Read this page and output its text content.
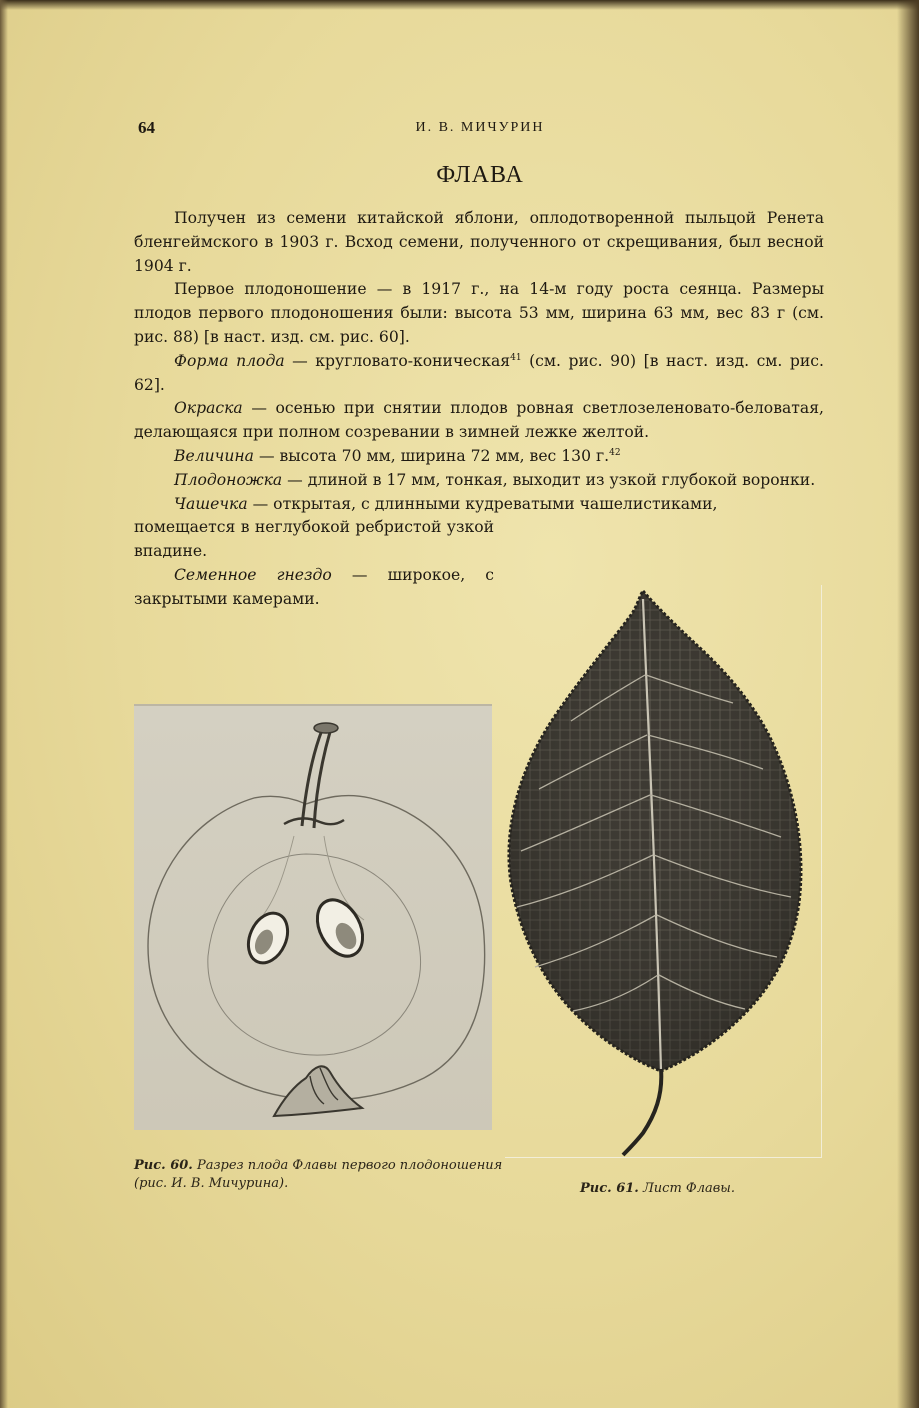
64	И. В. МИЧУРИН
ФЛАВА

Получен из семени китайской яблони, оплодотворенной пыльцой Ренета бленгеймского в 1903 г. Всход семени, полученного от скрещивания, был весной 1904 г.

Первое плодоношение — в 1917 г., на 14-м году роста сеянца. Размеры плодов первого плодоношения были: высота 53 мм, ширина 63 мм, вес 83 г (см. рис. 88) [в наст. изд. см. рис. 60].

Форма плода — кругловато-коническая$^{41}$ (см. рис. 90) [в наст. изд. см. рис. 62].

Окраска — осенью при снятии плодов ровная светлозеленовато-беловатая, делающаяся при полном созревании в зимней лежке желтой.

Величина — высота 70 мм, ширина 72 мм, вес 130 г.$^{42}$

Плодоножка — длиной в 17 мм, тонкая, выходит из узкой глубокой воронки.

Чашечка — открытая, с длинными кудреватыми чашелистиками,

помещается в неглубокой ребристой узкой впадине.

Семенное гнездо — широкое, с закрытыми камерами.

Рис. 60. Разрез плода Флавы первого плодоношения (рис. И. В. Мичурина).	Рис. 61. Лист Флавы.
